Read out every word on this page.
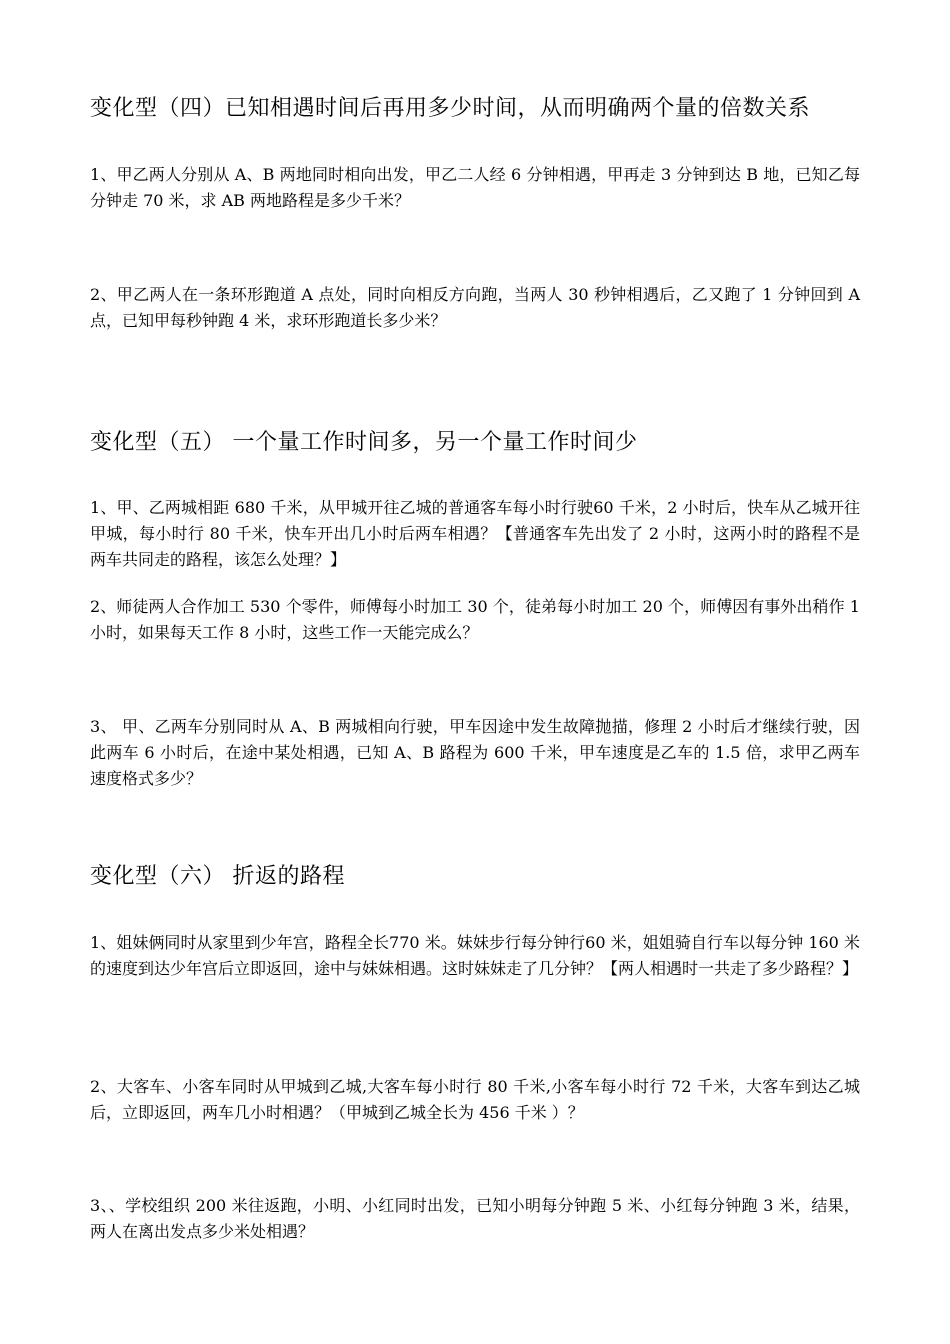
变化型（四）已知相遇时间后再用多少时间，从而明确两个量的倍数关系
1、甲乙两人分别从 A、B 两地同时相向出发，甲乙二人经 6 分钟相遇，甲再走 3 分钟到达 B 地，已知乙每分钟走 70 米，求 AB 两地路程是多少千米？
2、甲乙两人在一条环形跑道 A 点处，同时向相反方向跑，当两人 30 秒钟相遇后，乙又跑了 1 分钟回到 A 点，已知甲每秒钟跑 4 米，求环形跑道长多少米？
变化型（五） 一个量工作时间多，另一个量工作时间少
1、甲、乙两城相距 680 千米，从甲城开往乙城的普通客车每小时行驶60 千米，2 小时后，快车从乙城开往甲城，每小时行 80 千米，快车开出几小时后两车相遇？【普通客车先出发了 2 小时，这两小时的路程不是两车共同走的路程，该怎么处理？】
2、师徒两人合作加工 530 个零件，师傅每小时加工 30 个，徒弟每小时加工 20 个，师傅因有事外出稍作 1 小时，如果每天工作 8 小时，这些工作一天能完成么？
3、 甲、乙两车分别同时从 A、B 两城相向行驶，甲车因途中发生故障抛描，修理 2 小时后才继续行驶，因此两车 6 小时后，在途中某处相遇，已知 A、B 路程为 600 千米，甲车速度是乙车的 1.5 倍，求甲乙两车速度格式多少？
变化型（六） 折返的路程
1、姐妹俩同时从家里到少年宫，路程全长770 米。妹妹步行每分钟行60 米，姐姐骑自行车以每分钟 160 米的速度到达少年宫后立即返回，途中与妹妹相遇。这时妹妹走了几分钟？【两人相遇时一共走了多少路程？】
2、大客车、小客车同时从甲城到乙城,大客车每小时行 80 千米,小客车每小时行 72 千米，大客车到达乙城后，立即返回，两车几小时相遇？（甲城到乙城全长为 456 千米 ）？
3、、学校组织 200 米往返跑，小明、小红同时出发，已知小明每分钟跑 5 米、小红每分钟跑 3 米，结果，两人在离出发点多少米处相遇？
